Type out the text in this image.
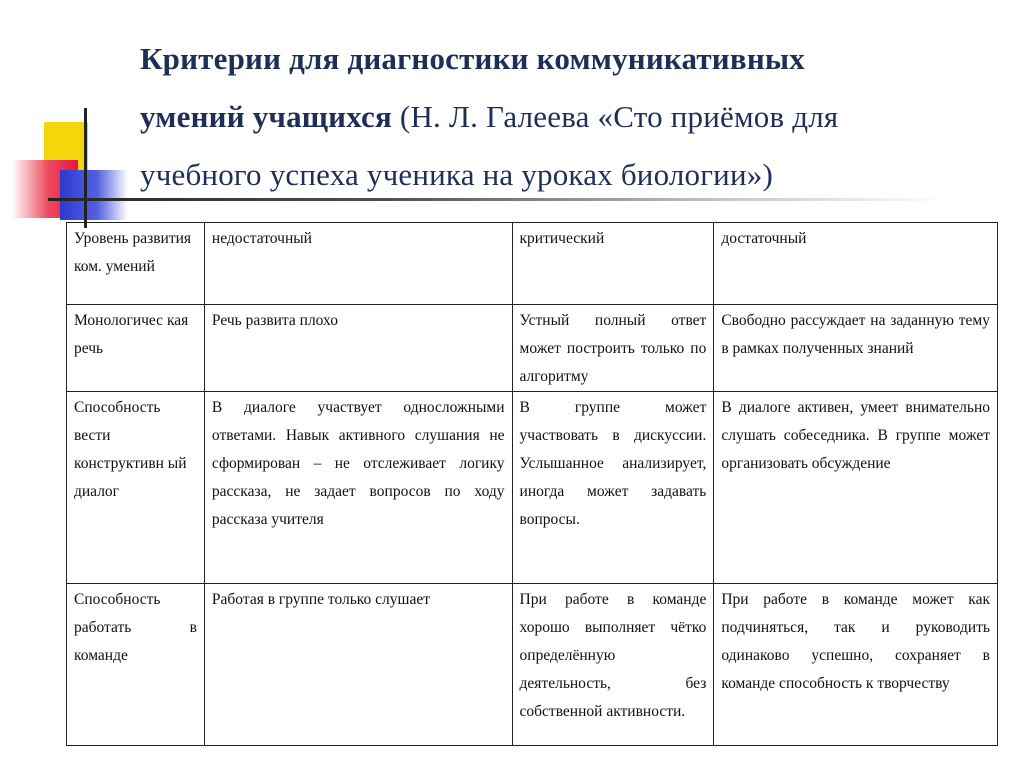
Критерии для диагностики коммуникативных
умений учащихся (Н. Л. Галеева «Сто приёмов для
учебного успеха ученика на уроках биологии»)
Уровень развития ком. умений	недостаточный	критический	достаточный
Монологичес кая речь	Речь развита плохо	Устный полный ответ может построить только по алгоритму	Свободно рассуждает на заданную тему в рамках полученных знаний
Способность вести конструктивн ый диалог	В диалоге участвует односложными ответами. Навык активного слушания не сформирован – не отслеживает логику рассказа, не задает вопросов по ходу рассказа учителя	В группе может участвовать в дискуссии. Услышанное анализирует, иногда может задавать вопросы.	В диалоге активен, умеет внимательно слушать собеседника. В группе может организовать обсуждение
Способность работать в команде	Работая в группе только слушает	При работе в команде хорошо выполняет чётко определённую деятельность, без собственной активности.	При работе в команде может как подчиняться, так и руководить одинаково успешно, сохраняет в команде способность к творчеству
